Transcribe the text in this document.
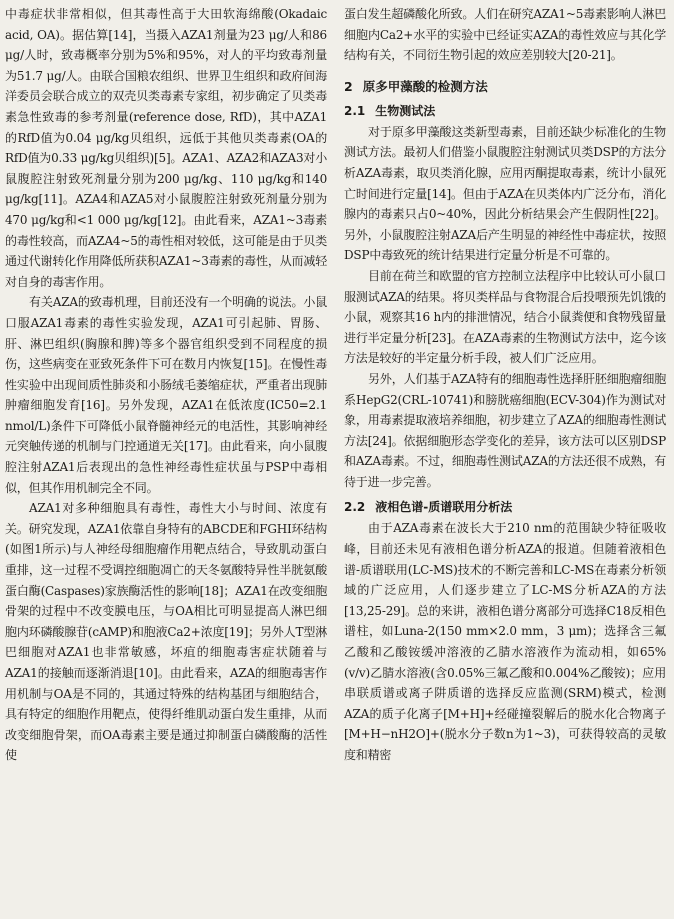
中毒症状非常相似，但其毒性高于大田软海绵酸(Okadaic acid, OA)。据估算[14]，当摄入AZA1剂量为23 μg/人和86 μg/人时，致毒概率分别为5%和95%，对人的平均致毒剂量为51.7 μg/人。由联合国粮农组织、世界卫生组织和政府间海洋委员会联合成立的双壳贝类毒素专家组，初步确定了贝类毒素急性致毒的参考剂量(reference dose, RfD)，其中AZA1的RfD值为0.04 μg/kg贝组织，远低于其他贝类毒素(OA的RfD值为0.33 μg/kg贝组织)[5]。AZA1、AZA2和AZA3对小鼠腹腔注射致死剂量分别为200 μg/kg、110 μg/kg和140 μg/kg[11]。AZA4和AZA5对小鼠腹腔注射致死剂量分别为470 μg/kg和<1 000 μg/kg[12]。由此看来，AZA1~3毒素的毒性较高，而AZA4~5的毒性相对较低，这可能是由于贝类通过代谢转化作用降低所获积AZA1~3毒素的毒性，从而减轻对自身的毒害作用。

有关AZA的致毒机理，目前还没有一个明确的说法。小鼠口服AZA1毒素的毒性实验发现，AZA1可引起肺、胃肠、肝、淋巴组织(胸腺和脾)等多个器官组织受到不同程度的损伤，这些病变在亚致死条件下可在数月内恢复[15]。在慢性毒性实验中出现间质性肺炎和小肠绒毛萎缩症状，严重者出现肺肿瘤细胞发育[16]。另外发现，AZA1在低浓度(IC50=2.1 nmol/L)条件下可降低小鼠脊髓神经元的电活性，其影响神经元突触传递的机制与门控通道无关[17]。由此看来，向小鼠腹腔注射AZA1后表现出的急性神经毒性症状虽与PSP中毒相似，但其作用机制完全不同。

AZA1对多种细胞具有毒性，毒性大小与时间、浓度有关。研究发现，AZA1依靠自身特有的ABCDE和FGHI环结构(如图1所示)与人神经母细胞瘤作用靶点结合，导致肌动蛋白重排，这一过程不受调控细胞凋亡的天冬氨酸特异性半胱氨酸蛋白酶(Caspases)家族酶活性的影响[18]；AZA1在改变细胞骨架的过程中不改变膜电压，与OA相比可明显提高人淋巴细胞内环磷酸腺苷(cAMP)和胞液Ca2+浓度[19]；另外人T型淋巴细胞对AZA1也非常敏感，坏疽的细胞毒害症状随着与AZA1的接触而逐渐消退[10]。由此看来，AZA的细胞毒害作用机制与OA是不同的，其通过特殊的结构基团与细胞结合，具有特定的细胞作用靶点，使得纤维肌动蛋白发生重排，从而改变细胞骨架，而OA毒素主要是通过抑制蛋白磷酸酶的活性使

蛋白发生超磷酸化所致。人们在研究AZA1~5毒素影响人淋巴细胞内Ca2+水平的实验中已经证实AZA的毒性效应与其化学结构有关，不同衍生物引起的效应差别较大[20-21]。

2 原多甲藻酸的检测方法
2.1 生物测试法

对于原多甲藻酸这类新型毒素，目前还缺少标准化的生物测试方法。最初人们借鉴小鼠腹腔注射测试贝类DSP的方法分析AZA毒素，取贝类消化腺，应用丙酮提取毒素，统计小鼠死亡时间进行定量[14]。但由于AZA在贝类体内广泛分布，消化腺内的毒素只占0~40%，因此分析结果会产生假阴性[22]。另外，小鼠腹腔注射AZA后产生明显的神经性中毒症状，按照DSP中毒致死的统计结果进行定量分析是不可靠的。

目前在荷兰和欧盟的官方控制立法程序中比较认可小鼠口服测试AZA的结果。将贝类样品与食物混合后投喂预先饥饿的小鼠，观察其16 h内的排泄情况，结合小鼠粪便和食物残留量进行半定量分析[23]。在AZA毒素的生物测试方法中，迄今该方法是较好的半定量分析手段，被人们广泛应用。

另外，人们基于AZA特有的细胞毒性选择肝胚细胞瘤细胞系HepG2(CRL-10741)和膀胱癌细胞(ECV-304)作为测试对象，用毒素提取液培养细胞，初步建立了AZA的细胞毒性测试方法[24]。依据细胞形态学变化的差异，该方法可以区别DSP和AZA毒素。不过，细胞毒性测试AZA的方法还很不成熟，有待于进一步完善。

2.2 液相色谱-质谱联用分析法

由于AZA毒素在波长大于210 nm的范围缺少特征吸收峰，目前还未见有液相色谱分析AZA的报道。但随着液相色谱-质谱联用(LC-MS)技术的不断完善和LC-MS在毒素分析领域的广泛应用，人们逐步建立了LC-MS分析AZA的方法[13,25-29]。总的来讲，液相色谱分离部分可选择C18反相色谱柱，如Luna-2(150 mm×2.0 mm，3 μm)；选择含三氟乙酸和乙酸铵缓冲溶液的乙腈水溶液作为流动相，如65%(v/v)乙腈水溶液(含0.05%三氟乙酸和0.004%乙酸铵)；应用串联质谱或离子阱质谱的选择反应监测(SRM)模式，检测AZA的质子化离子[M+H]+经碰撞裂解后的脱水化合物离子[M+H−nH2O]+(脱水分子数n为1~3)，可获得较高的灵敏度和精密
